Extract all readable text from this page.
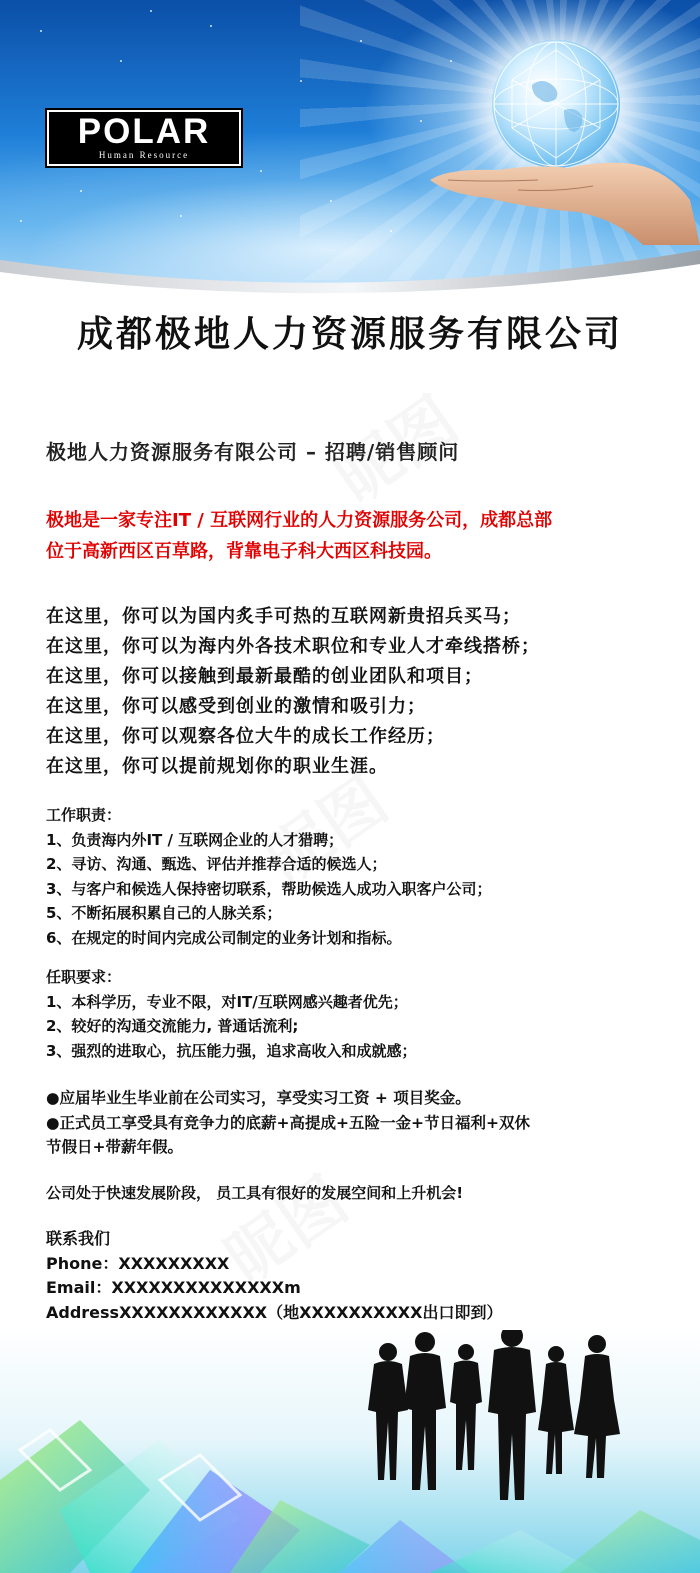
POLAR
Human Resource
成都极地人力资源服务有限公司
极地人力资源服务有限公司 – 招聘/销售顾问
极地是一家专注IT / 互联网行业的人力资源服务公司，成都总部
位于高新西区百草路，背靠电子科大西区科技园。
在这里，你可以为国内炙手可热的互联网新贵招兵买马；
在这里，你可以为海内外各技术职位和专业人才牵线搭桥；
在这里，你可以接触到最新最酷的创业团队和项目；
在这里，你可以感受到创业的激情和吸引力；
在这里，你可以观察各位大牛的成长工作经历；
在这里，你可以提前规划你的职业生涯。
工作职责：
1、负责海内外IT / 互联网企业的人才猎聘；
2、寻访、沟通、甄选、评估并推荐合适的候选人；
3、与客户和候选人保持密切联系，帮助候选人成功入职客户公司；
5、不断拓展积累自己的人脉关系；
6、在规定的时间内完成公司制定的业务计划和指标。
任职要求：
1、本科学历，专业不限，对IT/互联网感兴趣者优先；
2、较好的沟通交流能力, 普通话流利;
3、强烈的进取心，抗压能力强，追求高收入和成就感；
●应届毕业生毕业前在公司实习，享受实习工资 + 项目奖金。
●正式员工享受具有竞争力的底薪+高提成+五险一金+节日福利+双休
节假日+带薪年假。
公司处于快速发展阶段， 员工具有很好的发展空间和上升机会!
联系我们
Phone：XXXXXXXXX
Email：XXXXXXXXXXXXXXm
AddressXXXXXXXXXXXX（地XXXXXXXXXX出口即到）
